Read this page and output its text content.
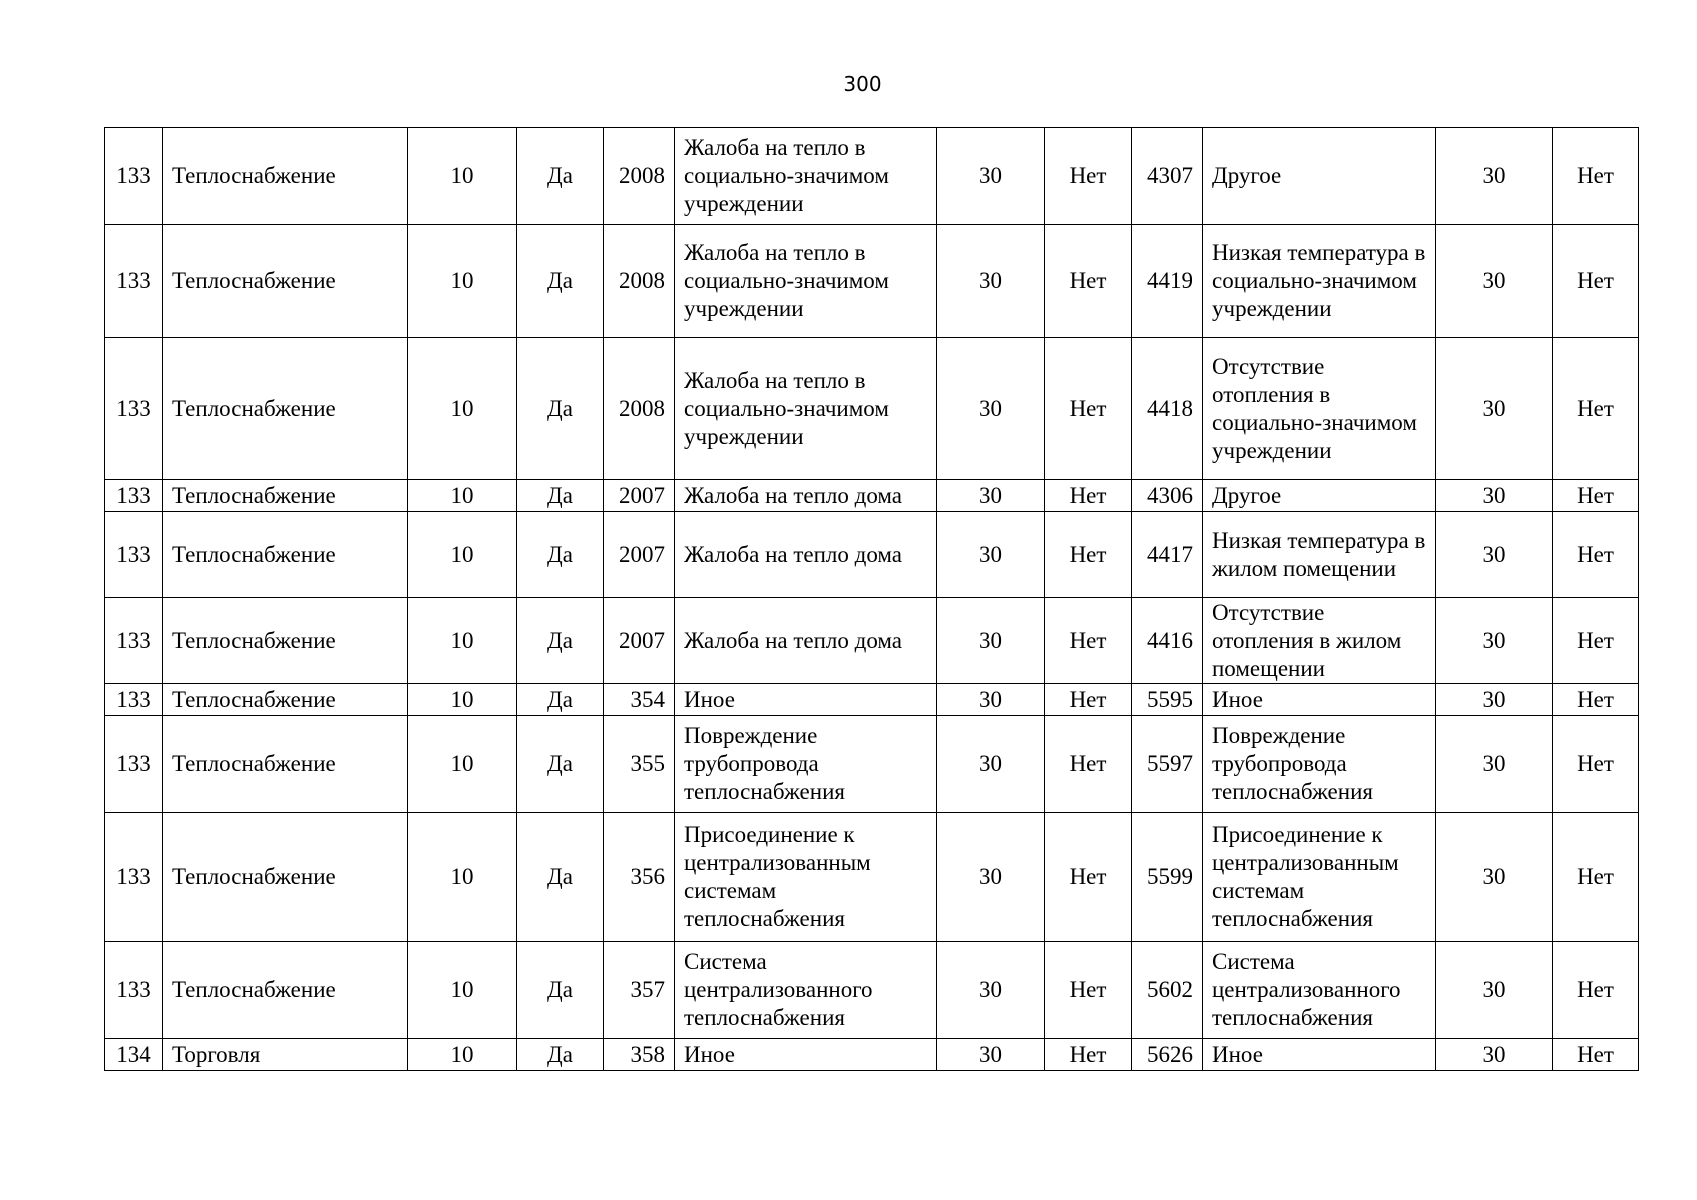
300
133	Теплоснабжение	10	Да	2008	Жалоба на тепло в социально-значимом учреждении	30	Нет	4307	Другое	30	Нет
133	Теплоснабжение	10	Да	2008	Жалоба на тепло в социально-значимом учреждении	30	Нет	4419	Низкая температура в социально-значимом учреждении	30	Нет
133	Теплоснабжение	10	Да	2008	Жалоба на тепло в социально-значимом учреждении	30	Нет	4418	Отсутствие отопления в социально-значимом учреждении	30	Нет
133	Теплоснабжение	10	Да	2007	Жалоба на тепло дома	30	Нет	4306	Другое	30	Нет
133	Теплоснабжение	10	Да	2007	Жалоба на тепло дома	30	Нет	4417	Низкая температура в жилом помещении	30	Нет
133	Теплоснабжение	10	Да	2007	Жалоба на тепло дома	30	Нет	4416	Отсутствие отопления в жилом помещении	30	Нет
133	Теплоснабжение	10	Да	354	Иное	30	Нет	5595	Иное	30	Нет
133	Теплоснабжение	10	Да	355	Повреждение трубопровода теплоснабжения	30	Нет	5597	Повреждение трубопровода теплоснабжения	30	Нет
133	Теплоснабжение	10	Да	356	Присоединение к централизованным системам теплоснабжения	30	Нет	5599	Присоединение к централизованным системам теплоснабжения	30	Нет
133	Теплоснабжение	10	Да	357	Система централизованного теплоснабжения	30	Нет	5602	Система централизованного теплоснабжения	30	Нет
134	Торговля	10	Да	358	Иное	30	Нет	5626	Иное	30	Нет
